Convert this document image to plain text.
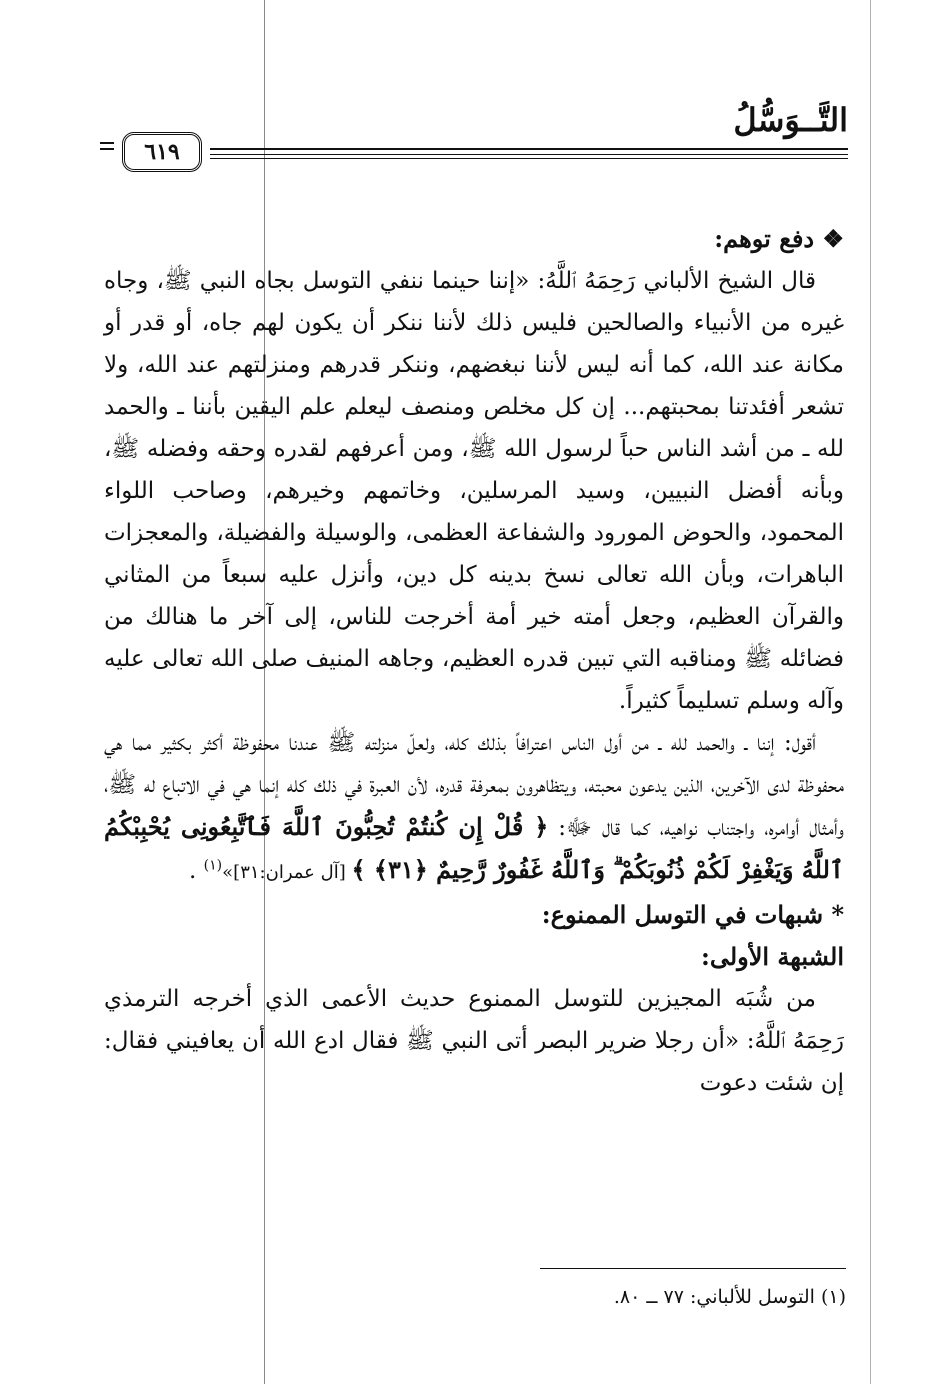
التَّــوَسُّلُ
٦١٩

❖ دفع توهم:

قال الشيخ الألباني رَحِمَهُ ٱللَّهُ: «إننا حينما ننفي التوسل بجاه النبي ﷺ، وجاه غيره من الأنبياء والصالحين فليس ذلك لأننا ننكر أن يكون لهم جاه، أو قدر أو مكانة عند الله، كما أنه ليس لأننا نبغضهم، وننكر قدرهم ومنزلتهم عند الله، ولا تشعر أفئدتنا بمحبتهم... إن كل مخلص ومنصف ليعلم علم اليقين بأننا ـ والحمد لله ـ من أشد الناس حباً لرسول الله ﷺ، ومن أعرفهم لقدره وحقه وفضله ﷺ، وبأنه أفضل النبيين، وسيد المرسلين، وخاتمهم وخيرهم، وصاحب اللواء المحمود، والحوض المورود والشفاعة العظمى، والوسيلة والفضيلة، والمعجزات الباهرات، وبأن الله تعالى نسخ بدينه كل دين، وأنزل عليه سبعاً من المثاني والقرآن العظيم، وجعل أمته خير أمة أخرجت للناس، إلى آخر ما هنالك من فضائله ﷺ ومناقبه التي تبين قدره العظيم، وجاهه المنيف صلى الله تعالى عليه وآله وسلم تسليماً كثيراً.

أقول: إننا ـ والحمد لله ـ من أول الناس اعترافاً بذلك كله، ولعلّ منزلته ﷺ عندنا محفوظة أكثر بكثير مما هي محفوظة لدى الآخرين، الذين يدعون محبته، ويتظاهرون بمعرفة قدره، لأن العبرة في ذلك كله إنما هي في الاتباع له ﷺ، وأمثال أوامره، واجتناب نواهيه، كما قال ﷻ: ﴿ قُلْ إِن كُنتُمْ تُحِبُّونَ ٱللَّهَ فَٱتَّبِعُونِى يُحْبِبْكُمُ ٱللَّهُ وَيَغْفِرْ لَكُمْ ذُنُوبَكُمْ ۗ وَٱللَّهُ غَفُورٌ رَّحِيمٌ ﴿٣١﴾ ﴾ [آل عمران:٣١]»$^{(١)}$ .

* شبهات في التوسل الممنوع:

الشبهة الأولى:

من شُبَه المجيزين للتوسل الممنوع حديث الأعمى الذي أخرجه الترمذي رَحِمَهُ ٱللَّهُ: «أن رجلا ضرير البصر أتى النبي ﷺ فقال ادع الله أن يعافيني فقال: إن شئت دعوت

(١) التوسل للألباني: ٧٧ ــ ٨٠.
